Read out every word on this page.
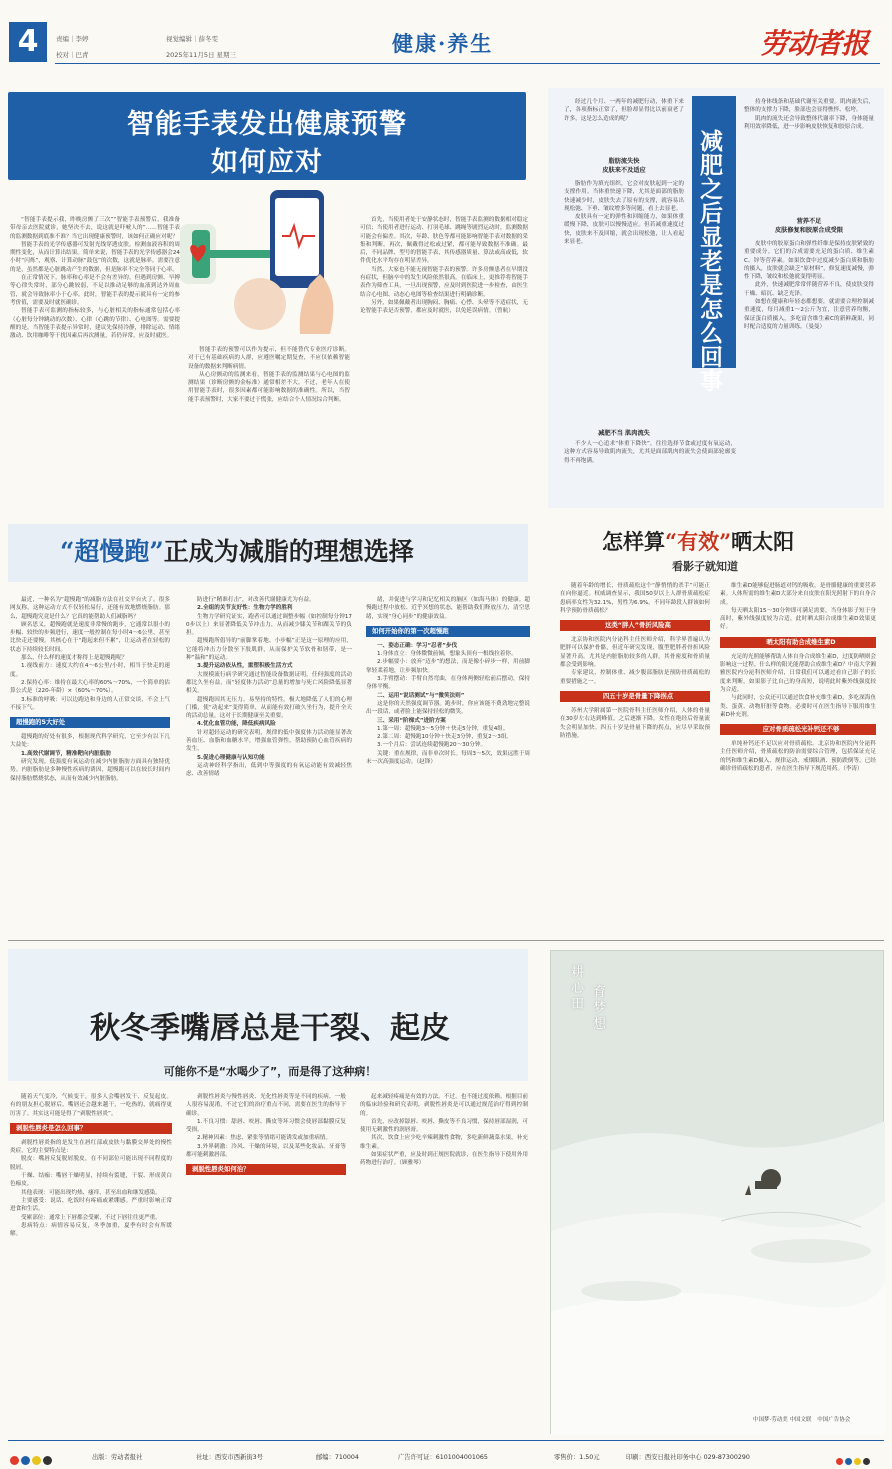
4	责编｜李婷
校对｜巴青
视觉编辑｜薛冬雯
2025年11月5日 星期三	健康·养生	劳动者报
智能手表发出健康预警
如何应对

“智能手表提示我，昨晚房颤了三次”“智能手表预警后，我准备带母亲去医院就诊，她坚决不去，说这就是吓唬人的”……智能手表的监测数据到底准不准？当它出现健康预警时，该如何正确应对呢？

智能手表的光学传感器可发射光线穿透皮肤，检测血液容积的周期性变化，从而计算出结果。简单来说，智能手表的光学传感器会24小时“闪烁”，观察、计算动脉“鼓包”的次数，这就是脉率。需要注意的是，虽然都是心脏跳动产生的数据，但是脉率不完全等同于心率。

在正常情况下，脉率和心率是不会有差异的。但遇到房颤、早搏等心律失常时，部分心跳较弱，不足以推动足够的血液到达外周血管，就会导致脉率小于心率。此时，智能手表的提示就具有一定的参考价值，需要及时就医确诊。

智能手表可监测的指标较多，与心脏相关的指标通常包括心率（心脏每分钟跳动的次数）、心律（心跳的节律）、心电图等。需要提醒的是，当智能手表提示异常时，建议先保持冷静，排除运动、情绪激动、饮用咖啡等干扰因素后再次测量，若仍异常，应及时就医。

智能手表的预警可以作为提示，但不能替代专业医疗诊断。对于已有基础疾病的人群，应遵医嘱定期复查，不应仅依赖智能设备的数据来判断病情。

从心房颤动的监测来看，智能手表的监测结果与心电图的监测结果（诊断房颤的金标准）通常相差不大。不过，老年人在使用智能手表时，很多因素都可能影响数据的准确性。所以，当智能手表预警时，大家不要过于慌张，应结合个人情况综合判断。

首先，当使用者处于安静状态时，智能手表监测的数据相对稳定可信；当使用者进行运动、打羽毛球、跳绳等剧烈运动时，监测数据可能会有偏差。其次，年龄、肤色等都可能影响智能手表对数据的采集和判断。再次，佩戴得过松或过紧，都可能导致数据不准确。最后，不同品牌、型号的智能手表，其传感器质量、算法或高或低，软件优化水平均存在明显差异。

当然，大家也不能无视智能手表的预警。许多房颤患者在早期没有症状，但脑卒中的发生风险依然很高。在临床上，更推荐将智能手表作为筛查工具，一旦出现预警，应及时到医院进一步检查，由医生结合心电图、动态心电图等检查结果进行明确诊断。

另外，如果佩戴者出现胸闷、胸痛、心悸、头晕等不适症状，无论智能手表是否预警，都应及时就医，以免延误病情。（曾航）

经过几个月、一两年的减肥行动，体重下来了，各项指标正常了，但脸却显得比以前衰老了许多。这是怎么造成的呢？

减肥之后显老是怎么回事
脂肪流失快
皮肤来不及适应

脂肪作为填充组织，它会对皮肤起到一定的支撑作用。当体重快速下降，尤其是面部的脂肪快速减少时，皮肤失去了原有的支撑，就容易出现松弛、下垂、皱纹增多等问题，看上去显老。

皮肤具有一定的弹性和回缩能力，如果体重缓慢下降，皮肤可以慢慢适应。但若减重速度过快，皮肤来不及回缩，就会出现松弛，让人看起来显老。

减肥不当 肌肉流失

不少人一心追求“体重下降快”，往往选择节食或过度有氧运动，这种方式容易导致肌肉流失，尤其是面部肌肉的流失会使面部轮廓变得不再饱满。

持身体线条和基础代谢至关重要。肌肉流失后，整体的支撑力下降，脸部也会显得憔悴、松垮。

肌肉的流失还会导致整体代谢率下降，身体能量利用效率降低，进一步影响皮肤恢复和胶原合成。

营养不足
皮肤修复和胶原合成受限

皮肤中的胶原蛋白和弹性纤维是保持皮肤紧致的重要成分。它们的合成需要充足的蛋白质、维生素C、锌等营养素。如果饮食中过度减少蛋白质和脂肪的摄入，皮肤就会缺乏“原材料”，修复速度减慢，弹性下降，皱纹和松弛就变得明显。

此外，快速减肥常常伴随营养不良，使皮肤变得干燥、暗沉、缺乏光泽。

如想在健康和年轻态都想要，就需要合理控制减重速度，每月减重1～2公斤为宜，注意营养均衡，保证蛋白质摄入，多吃富含维生素C的新鲜蔬果，同时配合适度的力量训练。（曼曼）

“超慢跑”正成为减脂的理想选择

最近，一种名为“超慢跑”的减脂方法在社交平台火了。很多网友称，这种运动方式不仅轻松易行，还能有效地燃烧脂肪。那么，超慢跑究竟是什么？它真的能帮助人们减脂吗？

顾名思义，超慢跑就是速度非常慢的跑步，它通常以很小的步幅、较快的步频进行，速度一般控制在每小时4～6公里，甚至比快走还要慢。其核心在于“跑起来但不累”，让运动者在轻松的状态下持续较长时间。

那么，什么样的速度才称得上是超慢跑呢？

1.视线前方：速度大约在4～6公里/小时，相当于快走的速度。

2.保持心率：维持在最大心率的60%～70%，一个简单的估算公式是（220-年龄）×（60%～70%）。

3.标准的呼吸：可以边跑边和身边的人正常交谈，不会上气不接下气。

超慢跑的5大好处

超慢跑的好处有很多，根据现代科学研究，它至少有以下几大益处：

1.高效代谢调节，精准靶向内脏脂肪

研究发现，低强度有氧运动在减少内脏脂肪方面具有独特优势。内脏脂肪是多种慢性疾病的诱因，超慢跑可以在较长时间内保持脂肪燃烧状态，从而有效减少内脏脂肪。

防进行“精准打击”，对改善代谢健康尤为有益。

2.全组的关节友好性：生物力学的胜利

生物力学研究证实，跑者可以通过调整步幅（如控制每分钟170步以上）来显著降低关节冲击力，从而减少膝关节和踝关节的负担。

超慢跑所倡导的“前脚掌着地、小步幅”正是这一原理的应用，它能将冲击力分散至下肢肌群，从而保护关节软骨和韧带，是一种“温和”的运动。

3.提升运动依从性，重塑积极生活方式

大规模流行病学研究通过智能设备数据证明，任何强度的活动都比久坐有益，而“轻度体力活动”总量的增加与死亡风险降低显著相关。

超慢跑因其无压力、易坚持的特性，极大地降低了人们的心理门槛，使“动起来”变得简单，从而能有效打破久坐行为，提升全天的活动总量，这对于长期健康至关重要。

4.优化血管功能，降低疾病风险

针对超轻运动的研究表明，规律的低中强度体力活动能显著改善血压、血脂和血糖水平，增强血管弹性，帮助预防心血管疾病的发生。

5.促进心理健康与认知功能

运动神经科学指出，低到中等强度的有氧运动能有效减轻焦虑、改善情绪

绪，并促进与学习和记忆相关的脑区（如海马体）的健康。超慢跑过程中放松、近乎冥想的状态，能帮助我们释放压力，清空思绪，实现“身心同步”的健康效益。

如何开始你的第一次超慢跑

一、姿态正确：学习“忍者”步伐

1.身体直立：身体微微前倾，想象头顶有一根线拉着你。

2.步幅要小：放弃“迈步”的想法，而是像小碎步一样，用前脚掌轻柔着地，让步频加快。

3.手臂摆动：手臂自然弯曲，在身体两侧轻松前后摆动，保持身体平衡。

二、运用“说话测试”与“微笑法则”

这是你的天然强度调节器。跑步时，你应该能不费劲地完整说出一段话，或者脸上能保持轻松的微笑。

三、采用“阶梯式”进阶方案

1.第一周：超慢跑3～5分钟＋快走5分钟，重复4组。

2.第二周：超慢跑10分钟＋快走3分钟，重复2～3组。

3.一个月后：尝试连续超慢跑20～30分钟。

关键：重在规律，而非单次时长。每周3～5次，效果远胜于周末一次高强度运动。（赵锋）

怎样算“有效”晒太阳
看影子就知道

随着年龄的增长，骨质疏松这个“静悄悄的杀手”可能正在向你逼近。权威调查显示，我国50岁以上人群骨质疏松症患病率女性为32.1%，男性为6.9%。不同年龄段人群该如何科学预防骨质疏松？

这类“胖人”骨折风险高

北京协和医院内分泌科主任医师介绍，科学界普遍认为肥胖可以保护骨骼，但近年研究发现，腹型肥胖者骨折风险显著升高。尤其是内脏脂肪较多的人群，其骨密度和骨质量都会受到影响。

专家建议，控制体重、减少腹部脂肪是预防骨质疏松的重要措施之一。

四五十岁是骨量下降拐点

苏州大学附属第一医院骨科主任医师介绍，人体的骨量在30岁左右达到峰值，之后逐渐下降，女性在绝经后骨量流失会明显加快。四五十岁是骨量下降的拐点，应尽早采取预防措施。

维生素D能够促进肠道对钙的吸收，是骨骼健康的重要营养素。人体所需的维生素D大部分来自皮肤在阳光照射下的自身合成。

每天晒太阳15～30分钟即可满足需要，当身体影子短于身高时，紫外线强度较为合适，此时晒太阳合成维生素D效果更好。

晒太阳有助合成维生素D

充足的光照能够帮助人体自身合成维生素D，过度防晒则会影响这一过程。什么样的阳光能帮助合成维生素D？中南大学湘雅医院内分泌科医师介绍，日常我们可以通过看自己影子的长度来判断，如果影子比自己的身高短，说明此时紫外线强度较为合适。

与此同时，公众还可以通过饮食补充维生素D，多吃深海鱼类、蛋黄、动物肝脏等食物。必要时可在医生指导下服用维生素D补充剂。

应对骨质疏松光补钙还不够

单纯补钙还不足以应对骨质疏松。北京协和医院内分泌科主任医师介绍，骨质疏松的防治需要综合管理，包括保证充足的钙和维生素D摄入、规律运动、戒烟限酒、预防跌倒等。已经确诊骨质疏松的患者，应在医生指导下规范用药。（李涛）

秋冬季嘴唇总是干裂、起皮
可能你不是“水喝少了”，而是得了这种病！

随着天气变冷，气候变干，很多人会嘴唇发干、反复起皮。有的朋友担心脱唇后，嘴唇还会越来越干，一吃热的，就痛得更厉害了。其实这可能是得了“剥脱性唇炎”。

剥脱性唇炎是怎么回事？

剥脱性唇炎指的是发生在唇红部或皮肤与黏膜交界处的慢性炎症，它的主要特点是：

脱皮：嘴唇反复脱屑脱皮，在不同部位可能出现不同程度的脱屑。

干燥、结痂：嘴唇干燥明显，持续有裂缝，干裂、形成黄白色痂皮。

其他表现：可能出现灼热、瘙痒，甚至出血和继发感染。

主要感受：说话、吃饭时有疼痛或紧绷感。严重时影响正常进食和生活。

受累部位：通常上下唇都会受累，不过下唇往往更严重。

患病特点：病情容易反复，冬季加重，夏季有时会有所缓解。

剥脱性唇炎与慢性唇炎、光化性唇炎等是不同的疾病。一般人很容易混淆，不过它们的治疗重点不同，需要在医生的指导下确诊。

1.不良习惯：舔唇、咬唇、撕皮等坏习惯会使唇部黏膜反复受损。

2.精神因素：焦虑、紧张等情绪可能诱发或加重病情。

3.外界刺激：冷风、干燥的环境，以及某些化妆品、牙膏等都可能刺激唇部。

剥脱性唇炎如何治？

起来减轻疼痛是有效的方法。不过，也不能过度依赖。根据目前的临床经验和研究表明，剥脱性唇炎是可以通过规范治疗得到控制的。

首先，应改掉舔唇、咬唇、撕皮等不良习惯，保持唇部湿润，可使用无刺激性的润唇膏。

其次，饮食上应少吃辛辣刺激性食物，多吃新鲜蔬菜水果，补充维生素。

如果症状严重，应及时到正规医院就诊，在医生指导下使用外用药物进行治疗。（顾雅琴）

耕心田
育梦想
中国梦·劳动美 中国文联 中国广告协会
出版：劳动者报社	社址：西安市西新街3号	邮编：710004	广告许可证：6101004001065	零售价：1.50元	印刷：西安日报社印务中心 029-87300290
